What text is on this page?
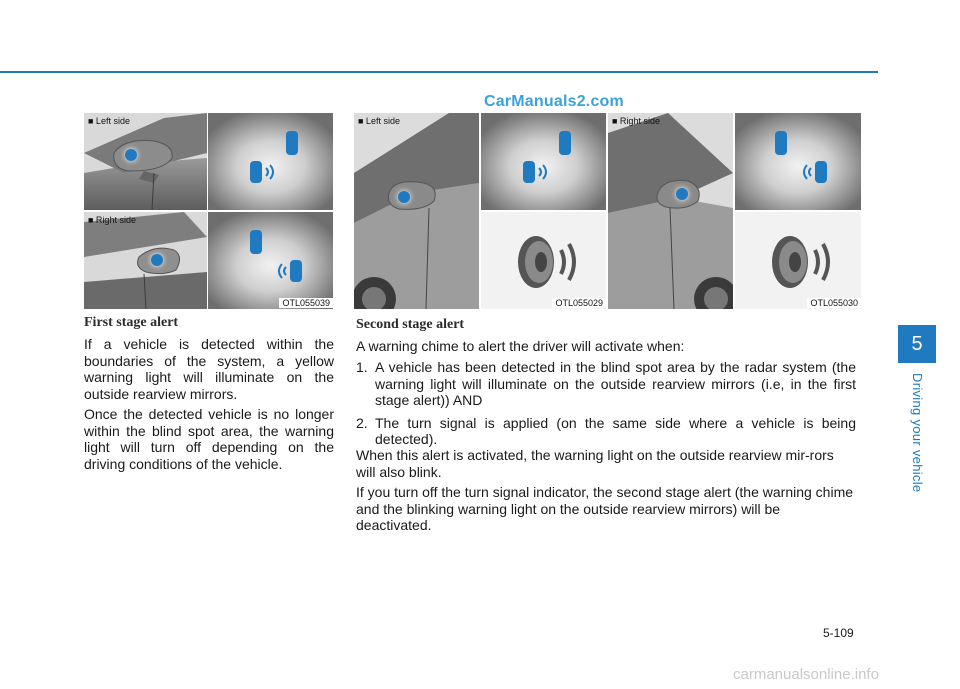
CarManuals2.com
■ Left side
■ Right side
OTL055039
■ Left side
OTL055029
■ Right side
OTL055030
First stage alert

If a vehicle is detected within the boundaries of the system, a yellow warning light will illuminate on the outside rearview mirrors.

Once the detected vehicle is no longer within the blind spot area, the warning light will turn off depending on the driving conditions of the vehicle.

Second stage alert

A warning chime to alert the driver will activate when:

1. A vehicle has been detected in the blind spot area by the radar system (the warning light will illuminate on the outside rearview mirrors (i.e, in the first stage alert)) AND
2. The turn signal is applied (on the same side where a vehicle is being detected).

When this alert is activated, the warning light on the outside rearview mir-rors will also blink.

If you turn off the turn signal indicator, the second stage alert (the warning chime and the blinking warning light on the outside rearview mirrors) will be deactivated.

5
Driving your vehicle
5-109
carmanualsonline.info
